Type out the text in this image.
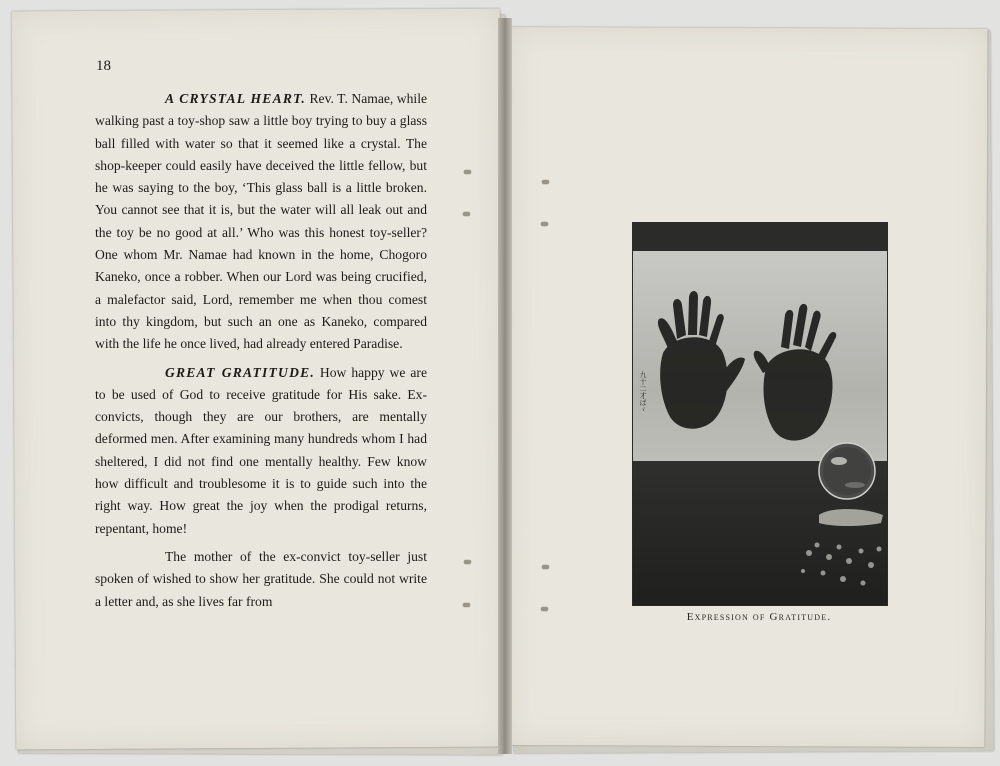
18

A CRYSTAL HEART. Rev. T. Namae, while walking past a toy-shop saw a little boy trying to buy a glass ball filled with water so that it seemed like a crystal. The shop-keeper could easily have deceived the little fellow, but he was saying to the boy, ‘This glass ball is a little broken. You cannot see that it is, but the water will all leak out and the toy be no good at all.’ Who was this honest toy-seller? One whom Mr. Namae had known in the home, Chogoro Kaneko, once a robber. When our Lord was being crucified, a malefactor said, Lord, remember me when thou comest into thy kingdom, but such an one as Kaneko, compared with the life he once lived, had already entered Paradise.

GREAT GRATITUDE. How happy we are to be used of God to receive gratitude for His sake. Ex-convicts, though they are our brothers, are mentally deformed men. After examining many hundreds whom I had sheltered, I did not find one mentally healthy. Few know how difficult and troublesome it is to guide such into the right way. How great the joy when the prodigal returns, repentant, home!

The mother of the ex-convict toy-seller just spoken of wished to show her gratitude. She could not write a letter and, as she lives far from

九十二才ばゞ
Expression of Gratitude.
